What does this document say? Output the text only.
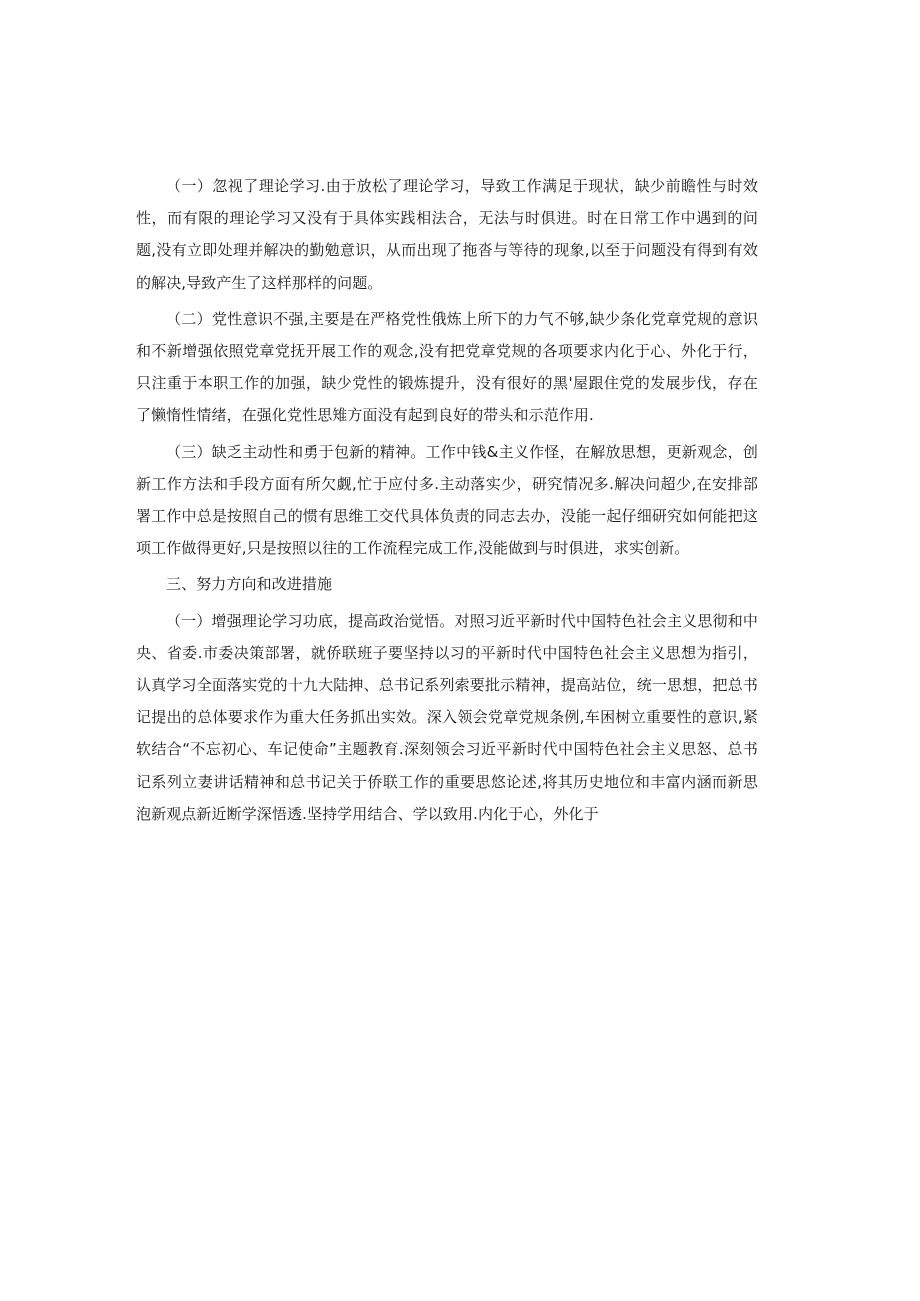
（一）忽视了理论学习.由于放松了理论学习，导致工作满足于现状，缺少前瞻性与时效性，而有限的理论学习又没有于具体实践相法合，无法与时俱进。时在日常工作中遇到的问题,没有立即处理并解决的勤勉意识，从而出现了拖沓与等待的现象,以至于问题没有得到有效的解决,导致产生了这样那样的问题。

（二）党性意识不强,主要是在严格党性俄炼上所下的力气不够,缺少条化党章党规的意识和不新增强依照党章党抚开展工作的观念,没有把党章党规的各项要求内化于心、外化于行，只注重于本职工作的加强，缺少党性的锻炼提升，没有很好的黑'屋跟住党的发展步伐，存在了懒惰性情绪，在强化党性思雉方面没有起到良好的带头和示范作用.

（三）缺乏主动性和勇于包新的精神。工作中钱&主义作怪，在解放思想，更新观念，创新工作方法和手段方面有所欠觑,忙于应付多.主动落实少，研究情况多.解决问超少,在安排部署工作中总是按照自己的惯有思维工交代具体负责的同志去办，没能一起仔细研究如何能把这项工作做得更好,只是按照以往的工作流程完成工作,没能做到与时俱进，求实创新。

三、努力方向和改进措施

（一）增强理论学习功底，提高政治觉悟。对照习近平新时代中国特色社会主义思彻和中央、省委.市委决策部署，就侨联班子要坚持以习的平新时代中国特色社会主义思想为指引，认真学习全面落实党的十九大陆抻、总书记系列索要批示精神，提高站位，统一思想，把总书记提出的总体要求作为重大任务抓出实效。深入领会党章党规条例,车困树立重要性的意识,紧软结合“不忘初心、车记使命”主题教育.深刻领会习近平新时代中国特色社会主义思怒、总书记系列立妻讲话精神和总书记关于侨联工作的重要思悠论述,将其历史地位和丰富内涵而新思泡新观点新近断学深悟透.坚持学用结合、学以致用.内化于心，外化于
